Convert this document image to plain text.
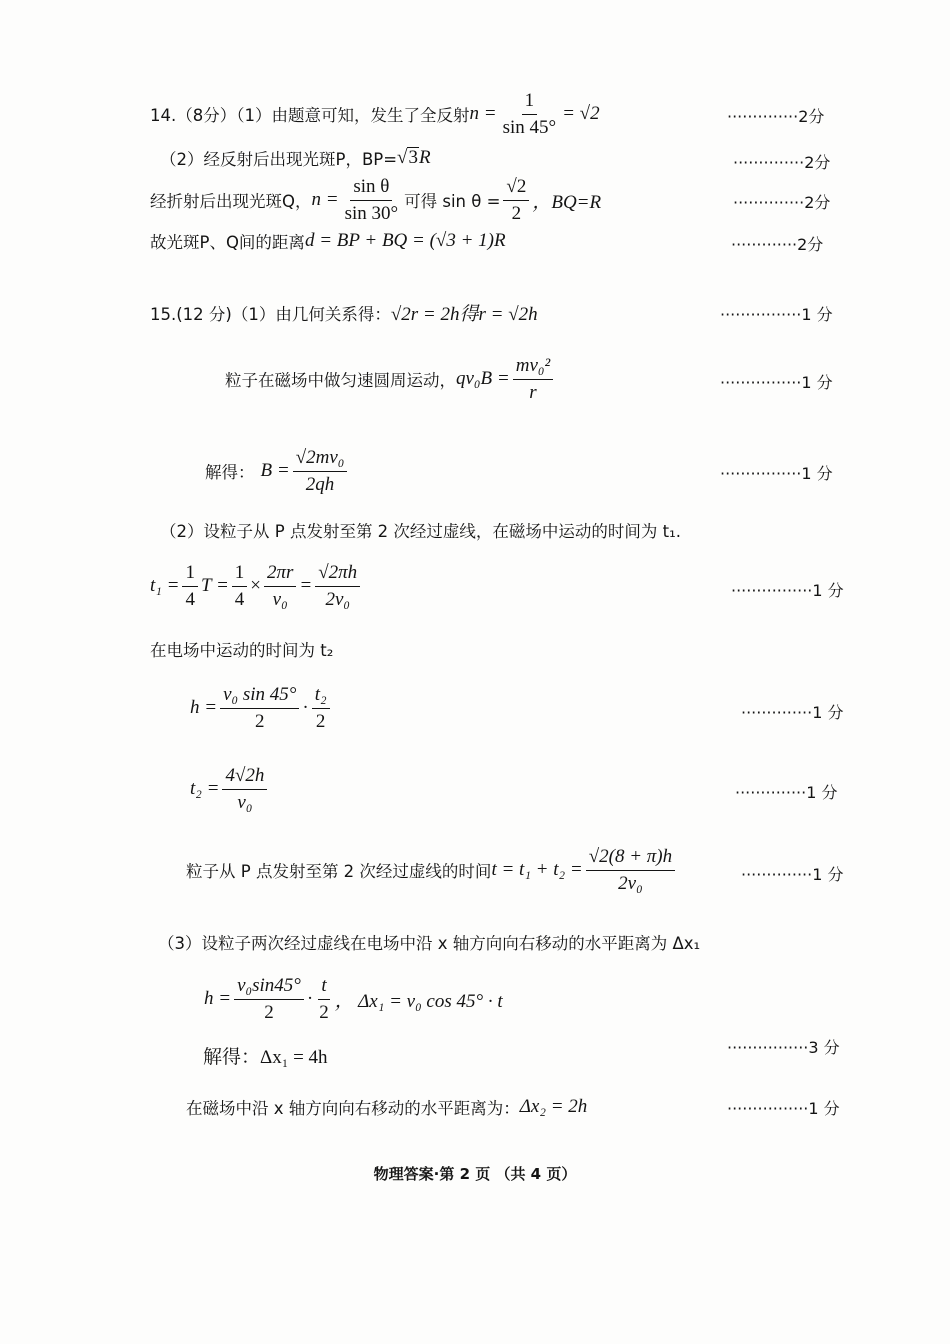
14.（8分）（1）由题意可知，发生了全反射 $n = \frac{1}{\sin 45^\circ} = √2$	··············2分
（2）经反射后出现光斑P，BP= √ 3 R	··············2分
经折射后出现光斑Q， $n = \frac{\text{sin θ}}{\sin 30^\circ}$ 可得 $\sin \theta = \frac{√2}{2}$ ，BQ=R	··············2分
故光斑P、Q间的距离 d = BP + BQ = (√3 + 1)R	·············2分
15.(12 分)（1）由几何关系得： √2r = 2h得r = √2h	················1 分
粒子在磁场中做匀速圆周运动， $qv_0B = \frac{\text{mv₀²}}{r}$	················1 分
解得： $B = \frac{\text{√2mv₀}}{2qh}$	················1 分
（2）设粒子从 P 点发射至第 2 次经过虚线，在磁场中运动的时间为 t₁.
$t_1 = \frac{1}{4}$ $T = \frac{1}{4} \times \frac{2\pi r}{\text{v₀}} = \frac{√2\pi h}{\text{2v₀}}$	················1 分
在电场中运动的时间为 t₂
$h = \frac{\text{v₀ sin 45°}}{2} \cdot \frac{\text{t₂}}{2}$	··············1 分
$t_2 = \frac{4√2h}{\text{v₀}}$	··············1 分
粒子从 P 点发射至第 2 次经过虚线的时间 $t = t_1 + t_2 = \frac{√2(8 + \pi)h}{\text{2v₀}}$	··············1 分
（3）设粒子两次经过虚线在电场中沿 x 轴方向向右移动的水平距离为 Δx₁
$h = \frac{\text{v₀sin45°}}{2} \cdot \frac{t}{2}$ ， Δx₁ = v₀ cos 45° · t
解得：Δx₁ = 4h	················3 分
在磁场中沿 x 轴方向向右移动的水平距离为： Δx₂ = 2h	················1 分
物理答案·第 2 页 （共 4 页）
